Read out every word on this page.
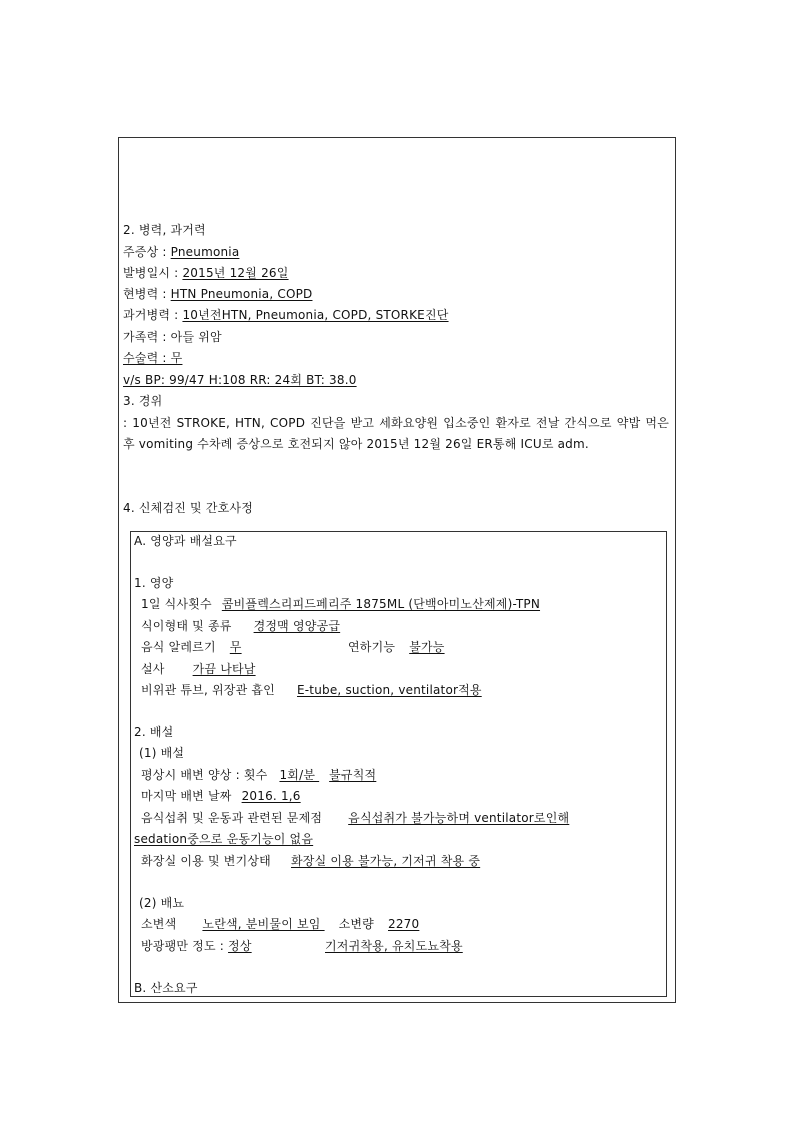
2. 병력, 과거력
주증상 : Pneumonia
발병일시 : 2015년 12월 26일
현병력 : HTN Pneumonia, COPD
과거병력 : 10년전HTN, Pneumonia, COPD, STORKE진단
가족력 : 아들 위암
수술력 : 무
v/s BP: 99/47 H:108 RR: 24회 BT: 38.0
3. 경위
: 10년전 STROKE, HTN, COPD 진단을 받고 세화요양원 입소중인 환자로 전날 간식으로 약밥 먹은 후 vomiting 수차례 증상으로 호전되지 않아 2015년 12월 26일 ER통해 ICU로 adm.
4. 신체검진 및 간호사정
A. 영양과 배설요구
1. 영양
1일 식사횟수 콤비플렉스리피드페리주 1875ML (단백아미노산제제)-TPN
식이형태 및 종류 경정맥 영양공급
음식 알레르기 무	연하기능 불가능
설사 가끔 나타남
비위관 튜브, 위장관 흡인 E-tube, suction, ventilator적용
2. 배설
(1) 배설
평상시 배변 양상 : 횟수 1회/분 불규칙적
마지막 배변 날짜 2016. 1,6
음식섭취 및 운동과 관련된 문제점 음식섭취가 불가능하며 ventilator로인해
sedation중으로 운동기능이 없음
화장실 이용 및 변기상태 화장실 이용 불가능, 기저귀 착용 중
(2) 배뇨
소변색 노란색, 분비물이 보임 소변량 2270
방광팽만 정도 : 정상	기저귀착용, 유치도뇨착용
B. 산소요구
